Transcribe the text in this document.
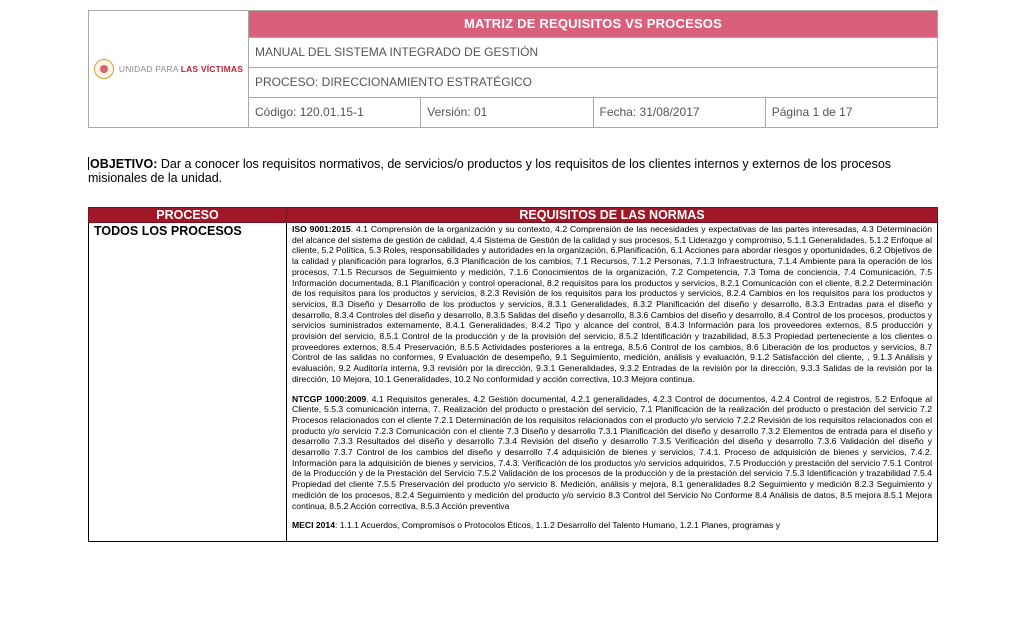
UNIDAD PARA LAS VÍCTIMAS	MATRIZ DE REQUISITOS VS PROCESOS			
	MANUAL DEL SISTEMA INTEGRADO DE GESTIÓN			
	PROCESO: DIRECCIONAMIENTO ESTRATÉGICO			
	Código: 120.01.15-1	Versión: 01	Fecha: 31/08/2017	Página 1 de 17
OBJETIVO: Dar a conocer los requisitos normativos, de servicios/o productos y los requisitos de los clientes internos y externos de los procesos misionales de la unidad.
PROCESO	REQUISITOS DE LAS NORMAS
TODOS LOS PROCESOS	ISO 9001:2015. 4.1 Comprensión de la organización y su contexto, 4.2 Comprensión de las necesidades y expectativas de las partes interesadas, 4.3 Determinación del alcance del sistema de gestión de calidad, 4.4 Sistema de Gestión de la calidad y sus procesos, 5.1 Liderazgo y compromiso, 5.1.1 Generalidades, 5.1.2 Enfoque al cliente, 5.2 Política, 5.3 Roles, responsabilidades y autoridades en la organización, 6.Planificación, 6.1 Acciones para abordar riesgos y oportunidades, 6.2 Objetivos de la calidad y planificación para lograrlos, 6.3 Planificación de los cambios, 7.1 Recursos, 7.1.2 Personas, 7.1.3 Infraestructura, 7.1.4 Ambiente para la operación de los procesos, 7.1.5 Recursos de Seguimiento y medición, 7.1.6 Conocimientos de la organización, 7.2 Competencia, 7.3 Toma de conciencia, 7.4 Comunicación, 7.5 Información documentada, 8.1 Planificación y control operacional, 8.2 requisitos para los productos y servicios, 8.2.1 Comunicación con el cliente, 8.2.2 Determinación de los requisitos para los productos y servicios, 8.2.3 Revisión de los requisitos para los productos y servicios, 8.2.4 Cambios en los requisitos para los productos y servicios, 8.3 Diseño y Desarrollo de los productos y servicios, 8.3.1 Generalidades, 8.3.2 Planificación del diseño y desarrollo, 8.3.3 Entradas para el diseño y desarrollo, 8.3.4 Controles del diseño y desarrollo, 8.3.5 Salidas del diseño y desarrollo, 8.3.6 Cambios del diseño y desarrollo, 8.4 Control de los procesos, productos y servicios suministrados externamente, 8.4.1 Generalidades, 8.4.2 Tipo y alcance del control, 8.4.3 Información para los proveedores externos, 8.5 producción y provisión del servicio, 8.5.1 Control de la producción y de la provisión del servicio, 8.5.2 Identificación y trazabilidad, 8.5.3 Propiedad perteneciente a los clientes o proveedores externos, 8.5.4 Preservación, 8.5.5 Actividades posteriores a la entrega, 8.5.6 Control de los cambios, 8.6 Liberación de los productos y servicios, 8.7 Control de las salidas no conformes, 9 Evaluación de desempeño, 9.1 Seguimiento, medición, análisis y evaluación, 9.1.2 Satisfacción del cliente, , 9.1.3 Análisis y evaluación, 9.2 Auditoría interna, 9.3 revisión por la dirección, 9.3.1 Generalidades, 9.3.2 Entradas de la revisión por la dirección, 9.3.3 Salidas de la revisión por la dirección, 10 Mejora, 10.1 Generalidades, 10.2 No conformidad y acción correctiva, 10.3 Mejora continua.

NTCGP 1000:2009. 4.1 Requisitos generales, 4.2 Gestión documental, 4.2.1 generalidades, 4.2.3 Control de documentos, 4.2.4 Control de registros, 5.2 Enfoque al Cliente, 5.5.3 comunicación interna, 7. Realización del producto o prestación del servicio, 7.1 Planificación de la realización del producto o prestación del servicio 7.2 Procesos relacionados con el cliente 7.2.1 Determinación de los requisitos relacionados con el producto y/o servicio 7.2.2 Revisión de los requisitos relacionados con el producto y/o servicio 7.2.3 Comunicación con el cliente 7.3 Diseño y desarrollo 7.3.1 Planificación del diseño y desarrollo 7.3.2 Elementos de entrada para el diseño y desarrollo 7.3.3 Resultados del diseño y desarrollo 7.3.4 Revisión del diseño y desarrollo 7.3.5 Verificación del diseño y desarrollo 7.3.6 Validación del diseño y desarrollo 7.3.7 Control de los cambios del diseño y desarrollo 7.4 adquisición de bienes y servicios, 7.4.1. Proceso de adquisición de bienes y servicios, 7.4.2. Información para la adquisición de bienes y servicios, 7.4.3. Verificación de los productos y/o servicios adquiridos, 7.5 Producción y prestación del servicio 7.5.1 Control de la Producción y de la Prestación del Servicio 7.5.2 Validación de los procesos de la producción y de la prestación del servicio 7.5.3 Identificación y trazabilidad 7.5.4 Propiedad del cliente 7.5.5 Preservación del producto y/o servicio 8. Medición, análisis y mejora, 8.1 generalidades 8.2 Seguimiento y medición 8.2.3 Seguimiento y medición de los procesos, 8.2.4 Seguimiento y medición del producto y/o servicio 8.3 Control del Servicio No Conforme 8.4 Análisis de datos, 8.5 mejora 8.5.1 Mejora continua, 8.5.2 Acción correctiva, 8.5.3 Acción preventiva

MECI 2014: 1.1.1 Acuerdos, Compromisos o Protocolos Éticos, 1.1.2 Desarrollo del Talento Humano, 1.2.1 Planes, programas y
